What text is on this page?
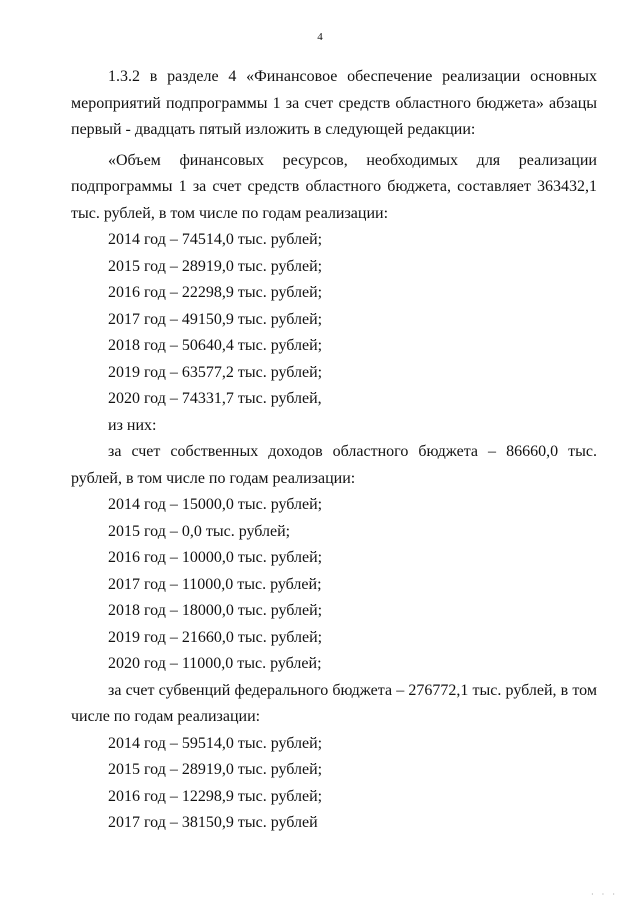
4

1.3.2 в разделе 4 «Финансовое обеспечение реализации основных мероприятий подпрограммы 1 за счет средств областного бюджета» абзацы первый - двадцать пятый изложить в следующей редакции:

«Объем финансовых ресурсов, необходимых для реализации подпрограммы 1 за счет средств областного бюджета, составляет 363432,1 тыс. рублей, в том числе по годам реализации:

2014 год – 74514,0 тыс. рублей;
2015 год – 28919,0 тыс. рублей;
2016 год – 22298,9 тыс. рублей;
2017 год – 49150,9 тыс. рублей;
2018 год – 50640,4 тыс. рублей;
2019 год – 63577,2 тыс. рублей;
2020 год – 74331,7 тыс. рублей,
из них:

за счет собственных доходов областного бюджета – 86660,0 тыс. рублей, в том числе по годам реализации:

2014 год – 15000,0 тыс. рублей;
2015 год – 0,0 тыс. рублей;
2016 год – 10000,0 тыс. рублей;
2017 год – 11000,0 тыс. рублей;
2018 год – 18000,0 тыс. рублей;
2019 год – 21660,0 тыс. рублей;
2020 год – 11000,0 тыс. рублей;

за счет субвенций федерального бюджета – 276772,1 тыс. рублей, в том числе по годам реализации:

2014 год – 59514,0 тыс. рублей;
2015 год – 28919,0 тыс. рублей;
2016 год – 12298,9 тыс. рублей;
2017 год – 38150,9 тыс. рублей
· · ·
